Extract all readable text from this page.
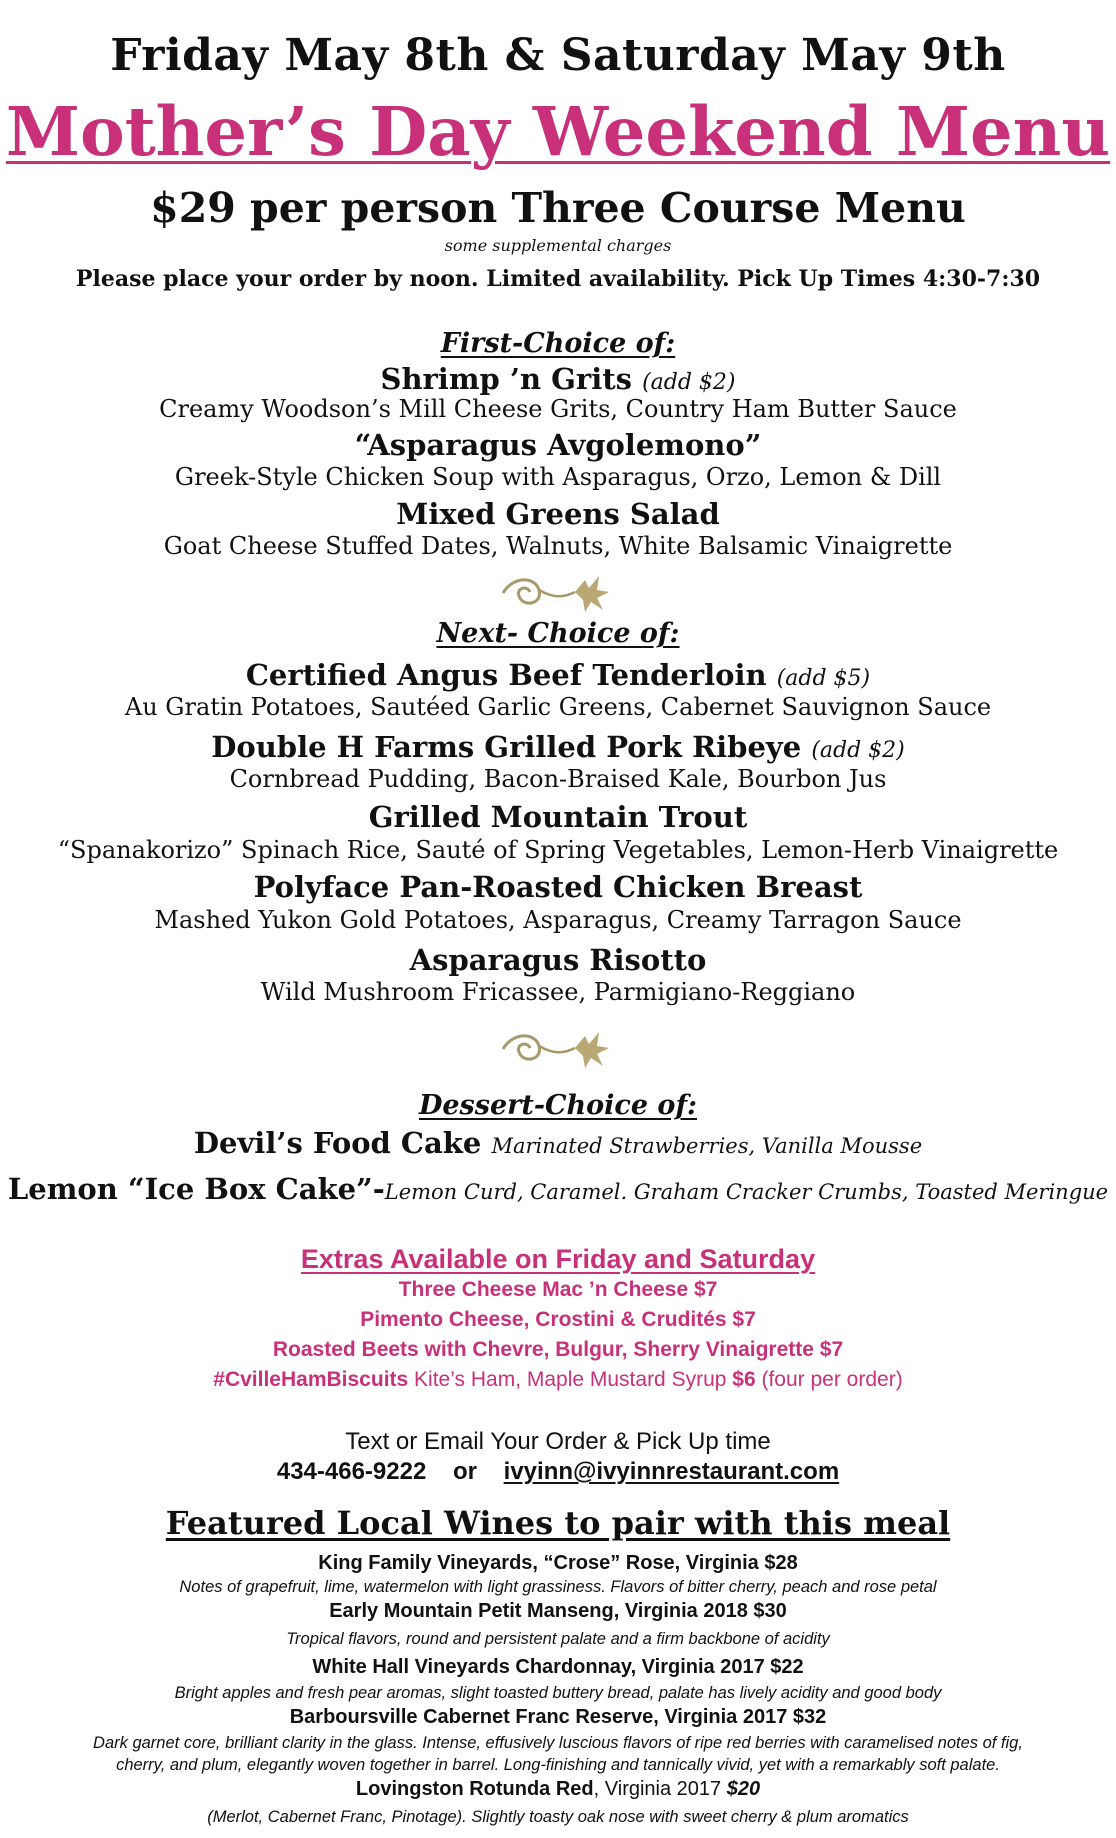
Friday May 8th & Saturday May 9th
Mother’s Day Weekend Menu
$29 per person Three Course Menu
some supplemental charges
Please place your order by noon. Limited availability. Pick Up Times 4:30-7:30
First-Choice of:
Shrimp ’n Grits (add $2)
Creamy Woodson’s Mill Cheese Grits, Country Ham Butter Sauce
“Asparagus Avgolemono”
Greek-Style Chicken Soup with Asparagus, Orzo, Lemon & Dill
Mixed Greens Salad
Goat Cheese Stuffed Dates, Walnuts, White Balsamic Vinaigrette
Next- Choice of:
Certified Angus Beef Tenderloin (add $5)
Au Gratin Potatoes, Sautéed Garlic Greens, Cabernet Sauvignon Sauce
Double H Farms Grilled Pork Ribeye (add $2)
Cornbread Pudding, Bacon-Braised Kale, Bourbon Jus
Grilled Mountain Trout
“Spanakorizo” Spinach Rice, Sauté of Spring Vegetables, Lemon-Herb Vinaigrette
Polyface Pan-Roasted Chicken Breast
Mashed Yukon Gold Potatoes, Asparagus, Creamy Tarragon Sauce
Asparagus Risotto
Wild Mushroom Fricassee, Parmigiano-Reggiano
Dessert-Choice of:
Devil’s Food Cake Marinated Strawberries, Vanilla Mousse
Lemon “Ice Box Cake”-Lemon Curd, Caramel. Graham Cracker Crumbs, Toasted Meringue
Extras Available on Friday and Saturday
Three Cheese Mac ’n Cheese $7
Pimento Cheese, Crostini & Crudités $7
Roasted Beets with Chevre, Bulgur, Sherry Vinaigrette $7
#CvilleHamBiscuits Kite’s Ham, Maple Mustard Syrup $6 (four per order)
Text or Email Your Order & Pick Up time
434-466-9222 or ivyinn@ivyinnrestaurant.com
Featured Local Wines to pair with this meal
King Family Vineyards, “Crose” Rose, Virginia $28
Notes of grapefruit, lime, watermelon with light grassiness. Flavors of bitter cherry, peach and rose petal
Early Mountain Petit Manseng, Virginia 2018 $30
Tropical flavors, round and persistent palate and a firm backbone of acidity
White Hall Vineyards Chardonnay, Virginia 2017 $22
Bright apples and fresh pear aromas, slight toasted buttery bread, palate has lively acidity and good body
Barboursville Cabernet Franc Reserve, Virginia 2017 $32
Dark garnet core, brilliant clarity in the glass. Intense, effusively luscious flavors of ripe red berries with caramelised notes of fig,
cherry, and plum, elegantly woven together in barrel. Long-finishing and tannically vivid, yet with a remarkably soft palate.
Lovingston Rotunda Red, Virginia 2017 $20
(Merlot, Cabernet Franc, Pinotage). Slightly toasty oak nose with sweet cherry & plum aromatics
